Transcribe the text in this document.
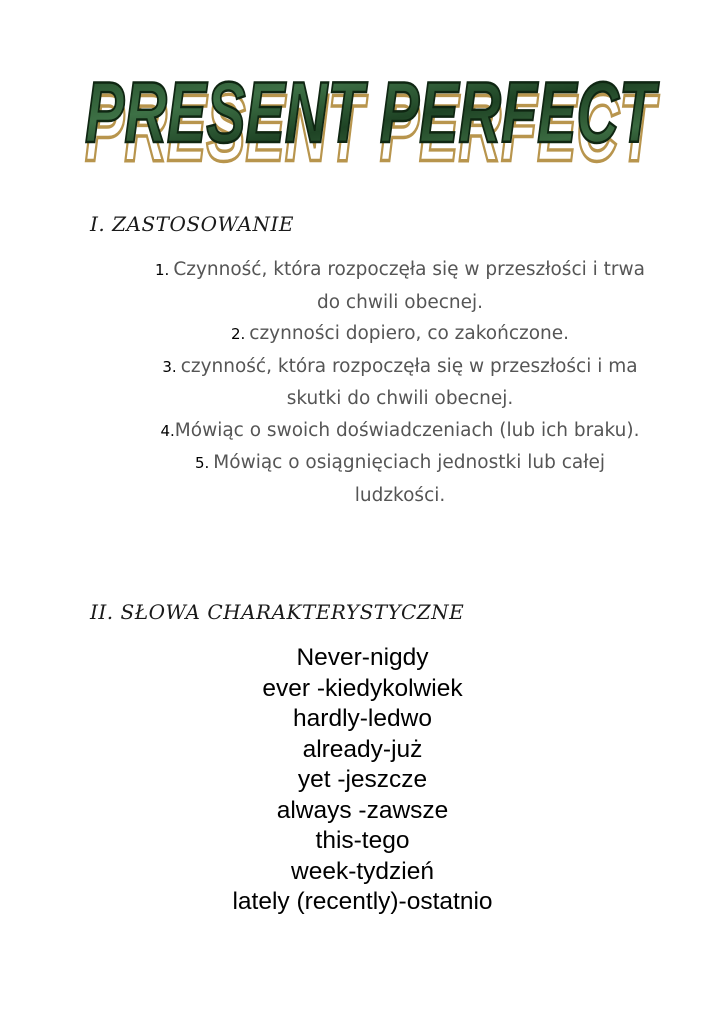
PRESENT PERFECT
PRESENT PERFECT
I. ZASTOSOWANIE
1. Czynność, która rozpoczęła się w przeszłości i trwa do chwili obecnej.
2. czynności dopiero, co zakończone.
3. czynność, która rozpoczęła się w przeszłości i ma skutki do chwili obecnej.
4.Mówiąc o swoich doświadczeniach (lub ich braku).
5. Mówiąc o osiągnięciach jednostki lub całej ludzkości.
II. SŁOWA CHARAKTERYSTYCZNE
Never-nigdy
ever -kiedykolwiek
hardly-ledwo
already-już
yet -jeszcze
always -zawsze
this-tego
week-tydzień
lately (recently)-ostatnio
